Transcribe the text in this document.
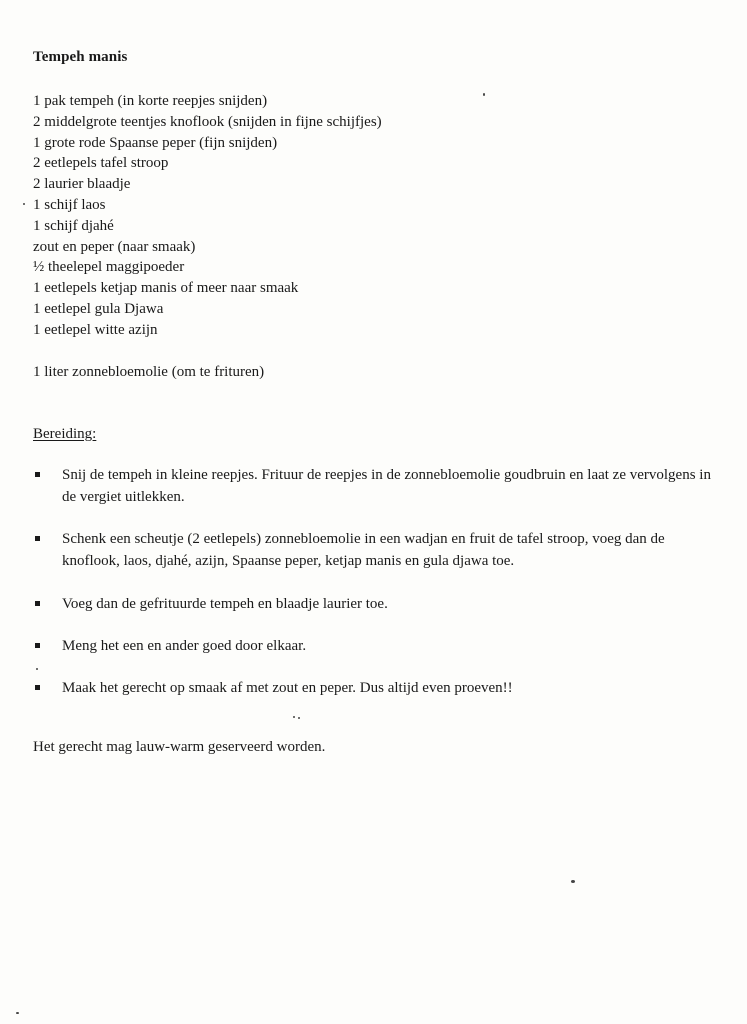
Tempeh manis
1 pak tempeh (in korte reepjes snijden)
2 middelgrote teentjes knoflook (snijden in fijne schijfjes)
1 grote rode Spaanse peper (fijn snijden)
2 eetlepels tafel stroop
2 laurier blaadje
1 schijf laos
1 schijf djahé
zout en peper (naar smaak)
½ theelepel maggipoeder
1 eetlepels ketjap manis of meer naar smaak
1 eetlepel gula Djawa
1 eetlepel witte azijn
1 liter zonnebloemolie (om te frituren)
Bereiding:
Snij de tempeh in kleine reepjes. Frituur de reepjes in de zonnebloemolie goudbruin en laat ze vervolgens in de vergiet uitlekken.
Schenk een scheutje (2 eetlepels) zonnebloemolie in een wadjan en fruit de tafel stroop, voeg dan de knoflook, laos, djahé, azijn, Spaanse peper, ketjap manis en gula djawa toe.
Voeg dan de gefrituurde tempeh en blaadje laurier toe.
Meng het een en ander goed door elkaar.
Maak het gerecht op smaak af met zout en peper. Dus altijd even proeven!!
Het gerecht mag lauw-warm geserveerd worden.
